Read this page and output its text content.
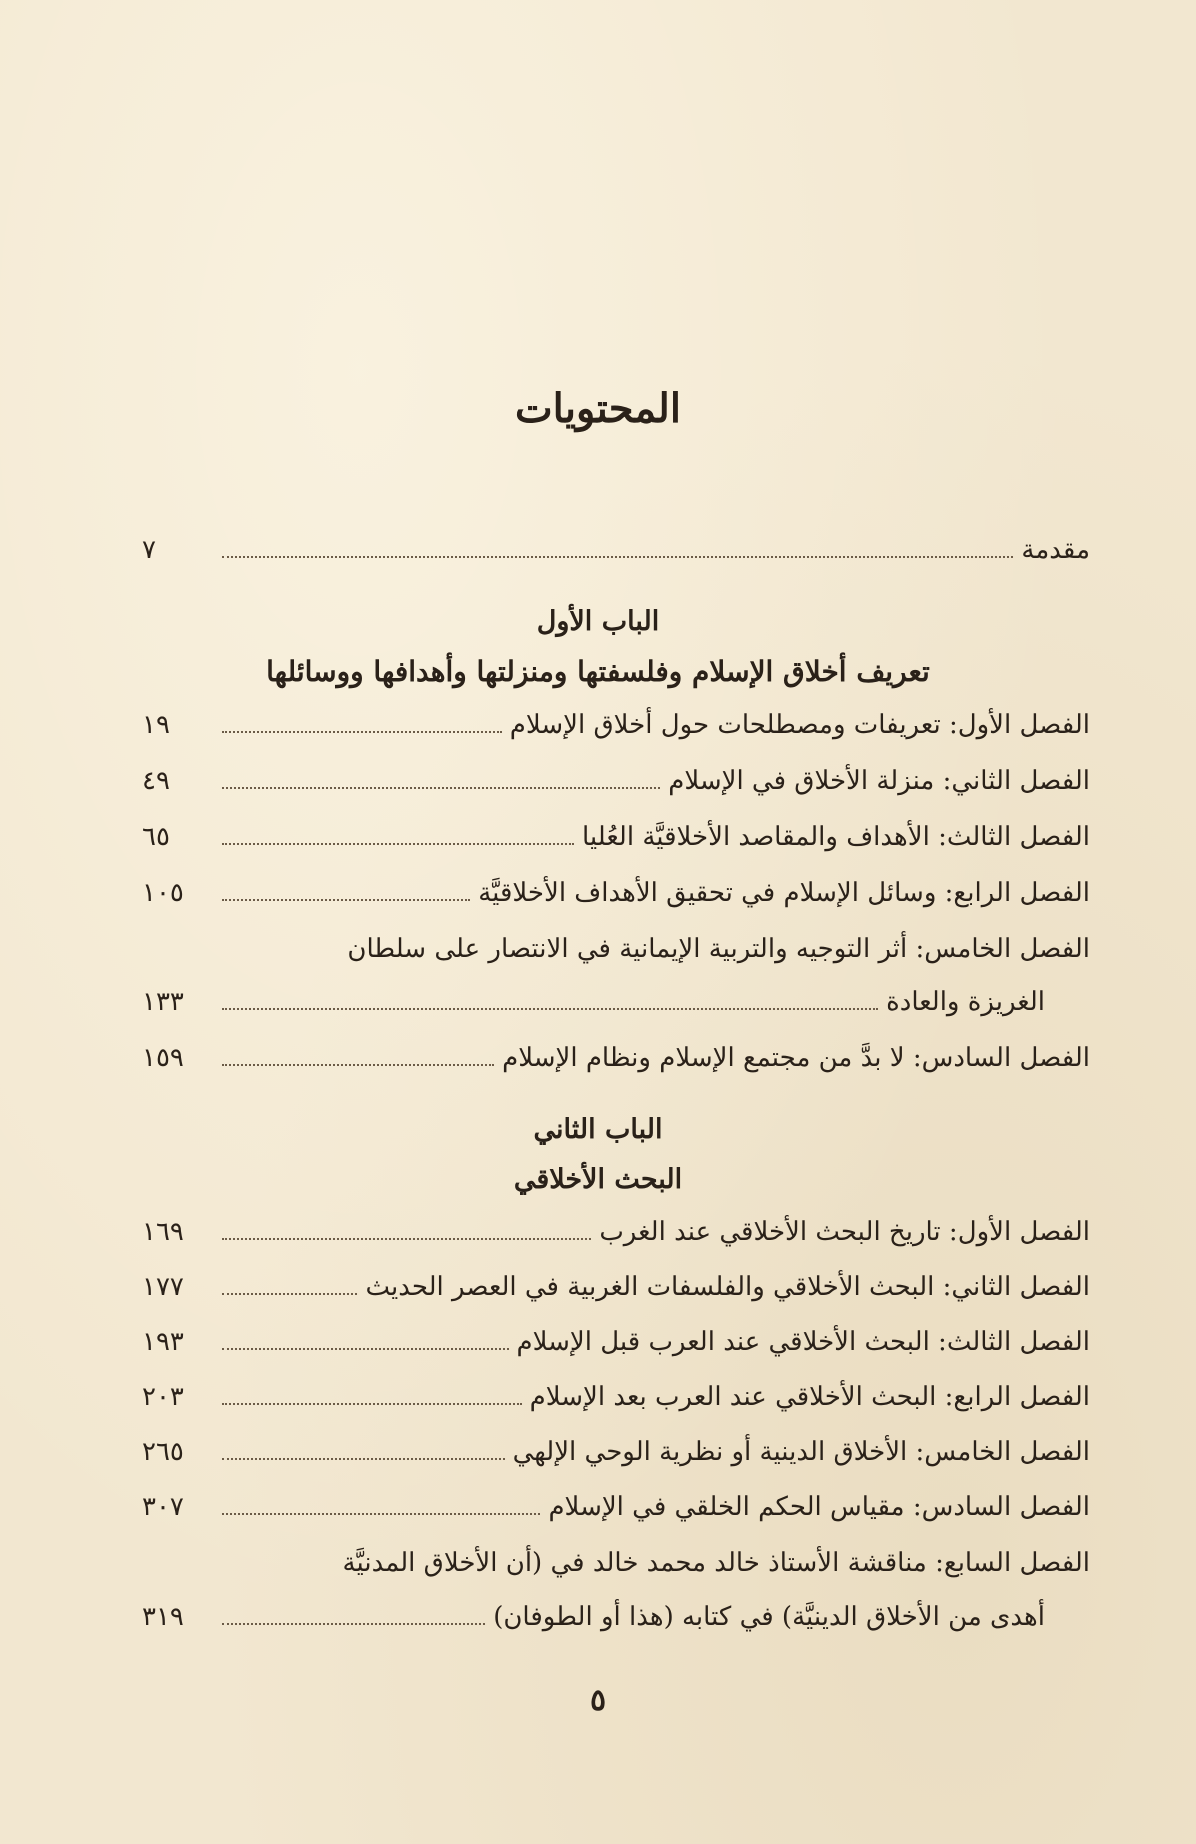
المحتويات
مقدمة
٧
الباب الأول
تعريف أخلاق الإسلام وفلسفتها ومنزلتها وأهدافها ووسائلها
الفصل الأول: تعريفات ومصطلحات حول أخلاق الإسلام
١٩
الفصل الثاني: منزلة الأخلاق في الإسلام
٤٩
الفصل الثالث: الأهداف والمقاصد الأخلاقيَّة العُليا
٦٥
الفصل الرابع: وسائل الإسلام في تحقيق الأهداف الأخلاقيَّة
١٠٥
الفصل الخامس: أثر التوجيه والتربية الإيمانية في الانتصار على سلطان
الغريزة والعادة
١٣٣
الفصل السادس: لا بدَّ من مجتمع الإسلام ونظام الإسلام
١٥٩
الباب الثاني
البحث الأخلاقي
الفصل الأول: تاريخ البحث الأخلاقي عند الغرب
١٦٩
الفصل الثاني: البحث الأخلاقي والفلسفات الغربية في العصر الحديث
١٧٧
الفصل الثالث: البحث الأخلاقي عند العرب قبل الإسلام
١٩٣
الفصل الرابع: البحث الأخلاقي عند العرب بعد الإسلام
٢٠٣
الفصل الخامس: الأخلاق الدينية أو نظرية الوحي الإلهي
٢٦٥
الفصل السادس: مقياس الحكم الخلقي في الإسلام
٣٠٧
الفصل السابع: مناقشة الأستاذ خالد محمد خالد في (أن الأخلاق المدنيَّة
أهدى من الأخلاق الدينيَّة) في كتابه (هذا أو الطوفان)
٣١٩
٥
